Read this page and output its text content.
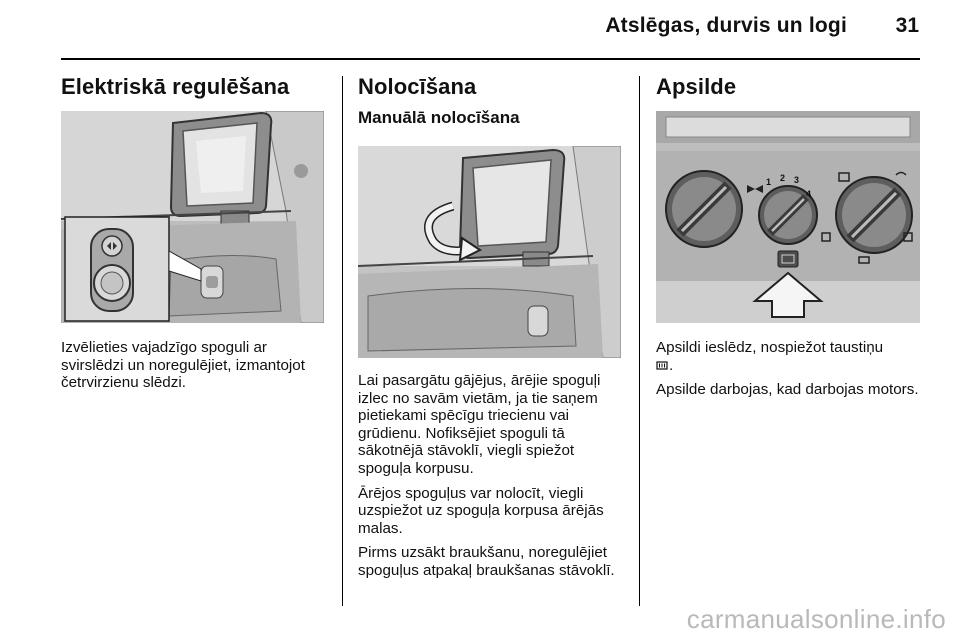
Atslēgas, durvis un logi 31
Elektriskā regulēšana

Izvēlieties vajadzīgo spoguli ar svirslēdzi un noregulējiet, izmantojot četrvirzienu slēdzi.

Nolocīšana
Manuālā nolocīšana

Lai pasargātu gājējus, ārējie spoguļi izlec no savām vietām, ja tie saņem pietiekami spēcīgu triecienu vai grūdienu. Nofiksējiet spoguli tā sākotnējā stāvoklī, viegli spiežot spoguļa korpusu.

Ārējos spoguļus var nolocīt, viegli uzspiežot uz spoguļa korpusa ārējās malas.

Pirms uzsākt braukšanu, noregulējiet spoguļus atpakaļ braukšanas stāvoklī.

Apsilde
1 2 3
4

Apsildi ieslēdz, nospiežot taustiņu
.

Apsilde darbojas, kad darbojas motors.

carmanualsonline.info
